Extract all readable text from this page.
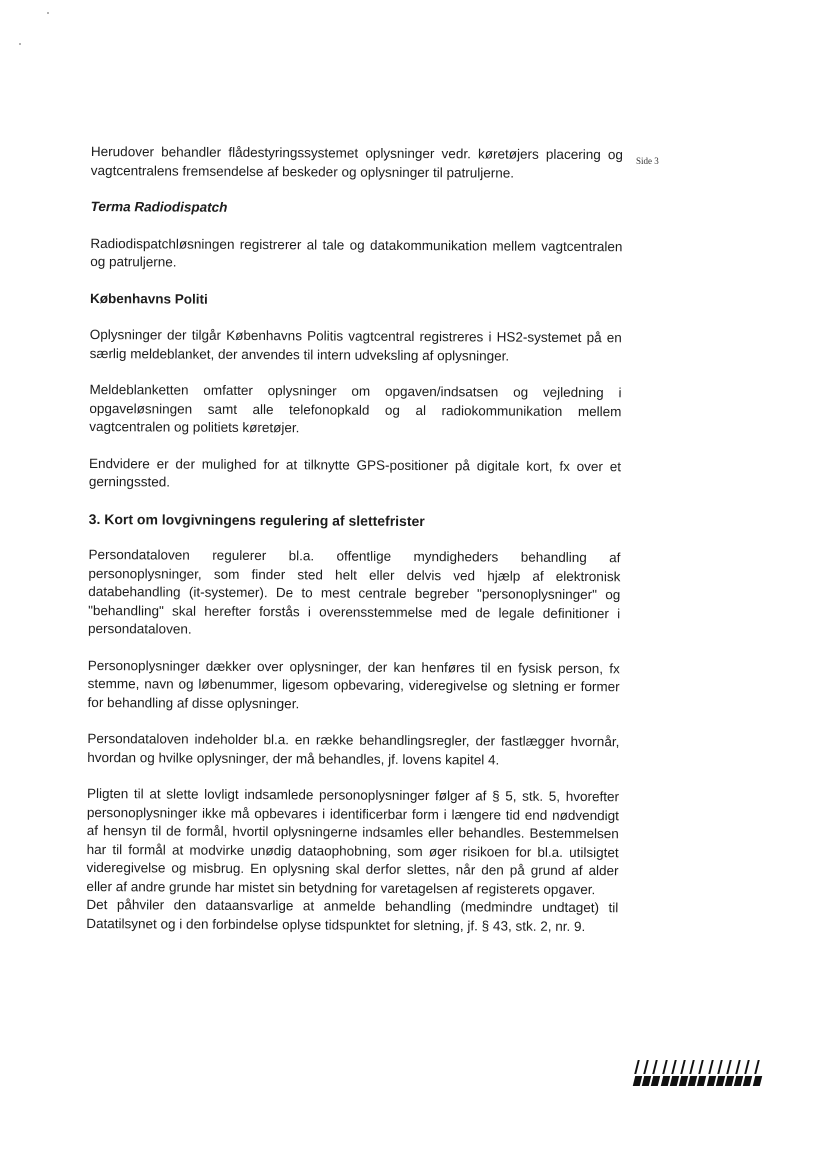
Side 3

Herudover behandler flådestyringssystemet oplysninger vedr. køretøjers placering og vagtcentralens fremsendelse af beskeder og oplysninger til patruljerne.

Terma Radiodispatch

Radiodispatchløsningen registrerer al tale og datakommunikation mellem vagtcentralen og patruljerne.

Københavns Politi

Oplysninger der tilgår Københavns Politis vagtcentral registreres i HS2-systemet på en særlig meldeblanket, der anvendes til intern udveksling af oplysninger.

Meldeblanketten omfatter oplysninger om opgaven/indsatsen og vejledning i opgaveløsningen samt alle telefonopkald og al radiokommunikation mellem vagtcentralen og politiets køretøjer.

Endvidere er der mulighed for at tilknytte GPS-positioner på digitale kort, fx over et gerningssted.

3. Kort om lovgivningens regulering af slettefrister

Persondataloven regulerer bl.a. offentlige myndigheders behandling af personoplysninger, som finder sted helt eller delvis ved hjælp af elektronisk databehandling (it-systemer). De to mest centrale begreber "personoplysninger" og "behandling" skal herefter forstås i overensstemmelse med de legale definitioner i persondataloven.

Personoplysninger dækker over oplysninger, der kan henføres til en fysisk person, fx stemme, navn og løbenummer, ligesom opbevaring, videregivelse og sletning er former for behandling af disse oplysninger.

Persondataloven indeholder bl.a. en række behandlingsregler, der fastlægger hvornår, hvordan og hvilke oplysninger, der må behandles, jf. lovens kapitel 4.

Pligten til at slette lovligt indsamlede personoplysninger følger af § 5, stk. 5, hvorefter personoplysninger ikke må opbevares i identificerbar form i længere tid end nødvendigt af hensyn til de formål, hvortil oplysningerne indsamles eller behandles. Bestemmelsen har til formål at modvirke unødig dataophobning, som øger risikoen for bl.a. utilsigtet videregivelse og misbrug. En oplysning skal derfor slettes, når den på grund af alder eller af andre grunde har mistet sin betydning for varetagelsen af registerets opgaver.

Det påhviler den dataansvarlige at anmelde behandling (medmindre undtaget) til Datatilsynet og i den forbindelse oplyse tidspunktet for sletning, jf. § 43, stk. 2, nr. 9.
